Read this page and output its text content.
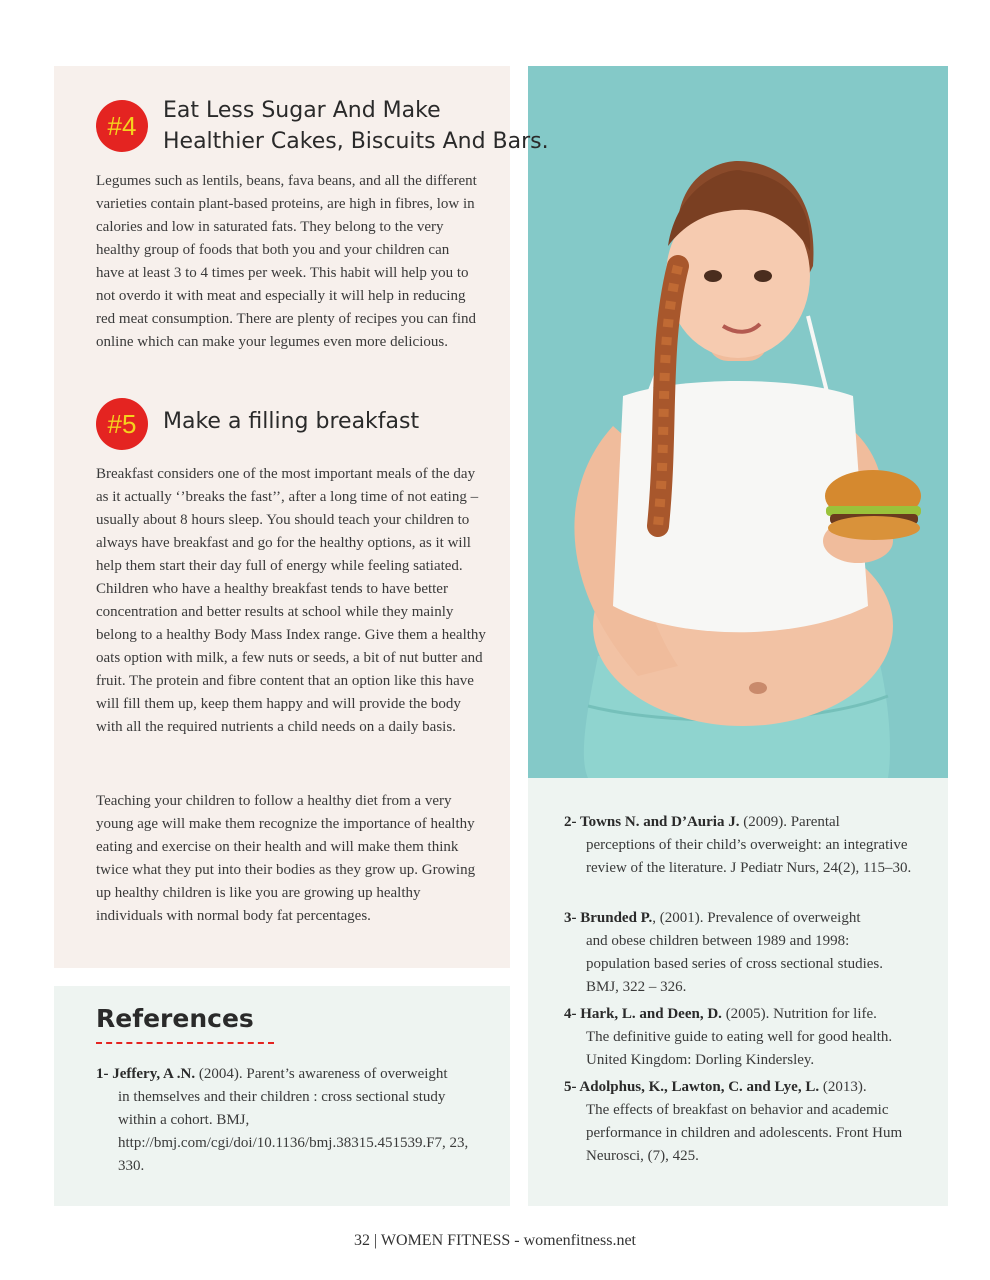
#4	Eat Less Sugar And Make
Healthier Cakes, Biscuits And Bars.

Legumes such as lentils, beans, fava beans, and all the different varieties contain plant-based proteins, are high in fibres, low in calories and low in saturated fats. They belong to the very healthy group of foods that both you and your children can have at least 3 to 4 times per week. This habit will help you to not overdo it with meat and especially it will help in reducing red meat consumption. There are plenty of recipes you can find online which can make your legumes even more delicious.

#5	Make a filling breakfast

Breakfast considers one of the most important meals of the day as it actually ‘’breaks the fast’’, after a long time of not eating – usually about 8 hours sleep. You should teach your children to always have breakfast and go for the healthy options, as it will help them start their day full of energy while feeling satiated. Children who have a healthy breakfast tends to have better concentration and better results at school while they mainly belong to a healthy Body Mass Index range. Give them a healthy oats option with milk, a few nuts or seeds, a bit of nut butter and fruit. The protein and fibre content that an option like this have will fill them up, keep them happy and will provide the body with all the required nutrients a child needs on a daily basis.

Teaching your children to follow a healthy diet from a very young age will make them recognize the importance of healthy eating and exercise on their health and will make them think twice what they put into their bodies as they grow up. Growing up healthy children is like you are growing up healthy individuals with normal body fat percentages.

References

1- Jeffery, A .N. (2004). Parent’s awareness of overweight
in themselves and their children : cross sectional study within a cohort. BMJ, http://bmj.com/cgi/doi/10.1136/bmj.38315.451539.F7, 23, 330.

2- Towns N. and D’Auria J. (2009). Parental
perceptions of their child’s overweight: an integrative review of the literature. J Pediatr Nurs, 24(2), 115–30.

3- Brunded P., (2001). Prevalence of overweight
and obese children between 1989 and 1998: population based series of cross sectional studies. BMJ, 322 – 326.

4- Hark, L. and Deen, D. (2005). Nutrition for life.
The definitive guide to eating well for good health. United Kingdom: Dorling Kindersley.

5- Adolphus, K., Lawton, C. and Lye, L. (2013).
The effects of breakfast on behavior and academic performance in children and adolescents. Front Hum Neurosci, (7), 425.

32 | WOMEN FITNESS - womenfitness.net
